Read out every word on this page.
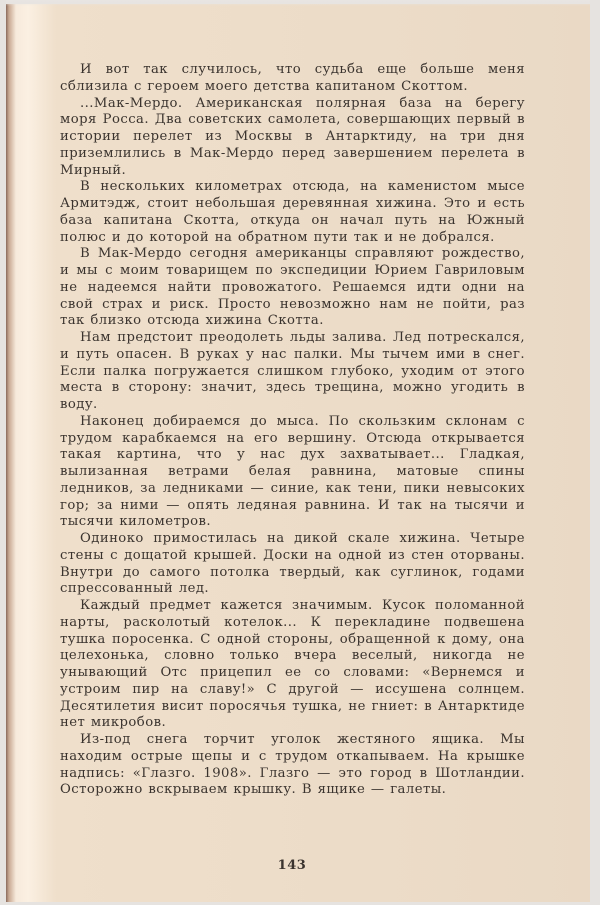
И вот так случилось, что судьба еще больше меня сблизила с героем моего детства капитаном Скоттом.

...Мак-Мердо. Американская полярная база на берегу моря Росса. Два советских самолета, совершающих первый в истории перелет из Москвы в Антарктиду, на три дня приземлились в Мак-Мердо перед завершением перелета в Мирный.

В нескольких километрах отсюда, на каменистом мысе Армитэдж, стоит небольшая деревянная хижина. Это и есть база капитана Скотта, откуда он начал путь на Южный полюс и до которой на обратном пути так и не добрался.

В Мак-Мердо сегодня американцы справляют рождество, и мы с моим товарищем по экспедиции Юрием Гавриловым не надеемся найти провожатого. Решаемся идти одни на свой страх и риск. Просто невозможно нам не пойти, раз так близко отсюда хижина Скотта.

Нам предстоит преодолеть льды залива. Лед потрескался, и путь опасен. В руках у нас палки. Мы тычем ими в снег. Если палка погружается слишком глубоко, уходим от этого места в сторону: значит, здесь трещина, можно угодить в воду.

Наконец добираемся до мыса. По скользким склонам с трудом карабкаемся на его вершину. Отсюда открывается такая картина, что у нас дух захватывает... Гладкая, вылизанная ветрами белая равнина, матовые спины ледников, за ледниками — синие, как тени, пики невысоких гор; за ними — опять ледяная равнина. И так на тысячи и тысячи километров.

Одиноко примостилась на дикой скале хижина. Четыре стены с дощатой крышей. Доски на одной из стен оторваны. Внутри до самого потолка твердый, как суглинок, годами спрессованный лед.

Каждый предмет кажется значимым. Кусок поломанной нарты, расколотый котелок... К перекладине подвешена тушка поросенка. С одной стороны, обращенной к дому, она целехонька, словно только вчера веселый, никогда не унывающий Отс прицепил ее со словами: «Вернемся и устроим пир на славу!» С другой — иссушена солнцем. Десятилетия висит поросячья тушка, не гниет: в Антарктиде нет микробов.

Из-под снега торчит уголок жестяного ящика. Мы находим острые щепы и с трудом откапываем. На крышке надпись: «Глазго. 1908». Глазго — это город в Шотландии. Осторожно вскрываем крышку. В ящике — галеты.

143
